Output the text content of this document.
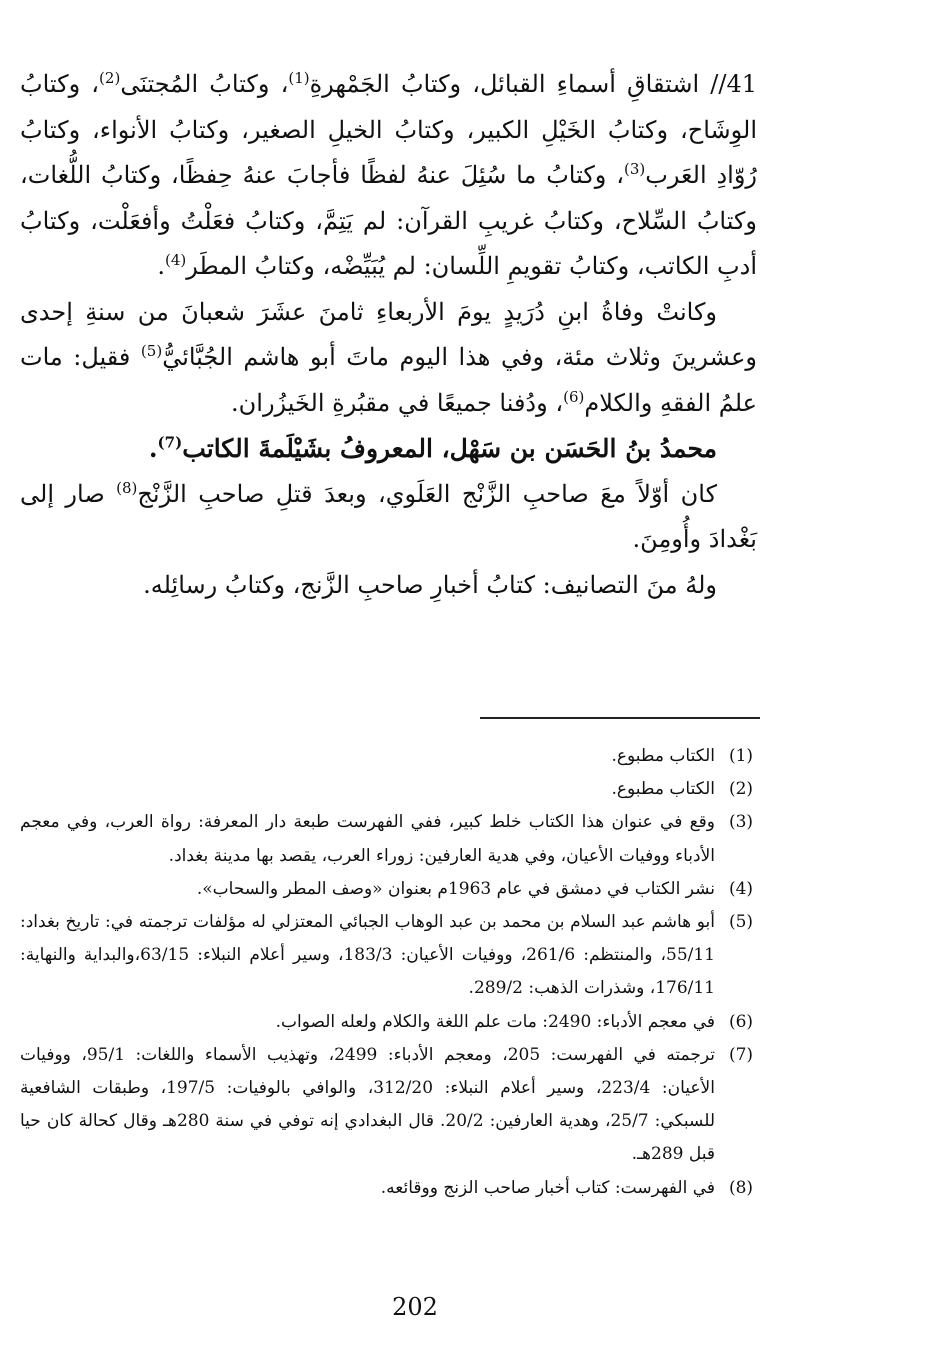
41// اشتقاقِ أسماءِ القبائل، وكتابُ الجَمْهرةِ$^{(1)}$، وكتابُ المُجتنَى$^{(2)}$، وكتابُ الوِشَاح، وكتابُ الخَيْلِ الكبير، وكتابُ الخيلِ الصغير، وكتابُ الأنواء، وكتابُ رُوّادِ العَرب$^{(3)}$، وكتابُ ما سُئِلَ عنهُ لفظًا فأجابَ عنهُ حِفظًا، وكتابُ اللُّغات، وكتابُ السِّلاح، وكتابُ غريبِ القرآن: لم يَتِمَّ، وكتابُ فعَلْتُ وأفعَلْت، وكتابُ أدبِ الكاتب، وكتابُ تقويمِ اللِّسان: لم يُبَيِّضْه، وكتابُ المطَر$^{(4)}$.

وكانتْ وفاةُ ابنِ دُرَيدٍ يومَ الأربعاءِ ثامنَ عشَرَ شعبانَ من سنةِ إحدى وعشرينَ وثلاث مئة، وفي هذا اليوم ماتَ أبو هاشم الجُبَّائيُّ$^{(5)}$ فقيل: مات علمُ الفقهِ والكلام$^{(6)}$، ودُفنا جميعًا في مقبُرةِ الخَيزُران.

محمدُ بنُ الحَسَن بن سَهْل، المعروفُ بشَيْلَمةَ الكاتب$^{(7)}$.

كان أوّلاً معَ صاحبِ الزَّنْج العَلَوي، وبعدَ قتلِ صاحبِ الزَّنْج$^{(8)}$ صار إلى بَغْدادَ وأُومِنَ.

ولهُ منَ التصانيف: كتابُ أخبارِ صاحبِ الزَّنج، وكتابُ رسائِله.

(1)
الكتاب مطبوع.
(2)
الكتاب مطبوع.
(3)
وقع في عنوان هذا الكتاب خلط كبير، ففي الفهرست طبعة دار المعرفة: رواة العرب، وفي معجم الأدباء ووفيات الأعيان، وفي هدية العارفين: زوراء العرب، يقصد بها مدينة بغداد.
(4)
نشر الكتاب في دمشق في عام 1963م بعنوان «وصف المطر والسحاب».
(5)
أبو هاشم عبد السلام بن محمد بن عبد الوهاب الجبائي المعتزلي له مؤلفات ترجمته في: تاريخ بغداد: 55/11، والمنتظم: 261/6، ووفيات الأعيان: 183/3، وسير أعلام النبلاء: 63/15،والبداية والنهاية: 176/11، وشذرات الذهب: 289/2.
(6)
في معجم الأدباء: 2490: مات علم اللغة والكلام ولعله الصواب.
(7)
ترجمته في الفهرست: 205، ومعجم الأدباء: 2499، وتهذيب الأسماء واللغات: 95/1، ووفيات الأعيان: 223/4، وسير أعلام النبلاء: 312/20، والوافي بالوفيات: 197/5، وطبقات الشافعية للسبكي: 25/7، وهدية العارفين: 20/2. قال البغدادي إنه توفي في سنة 280هـ وقال كحالة كان حيا قبل 289هـ.
(8)
في الفهرست: كتاب أخبار صاحب الزنج ووقائعه.
202
